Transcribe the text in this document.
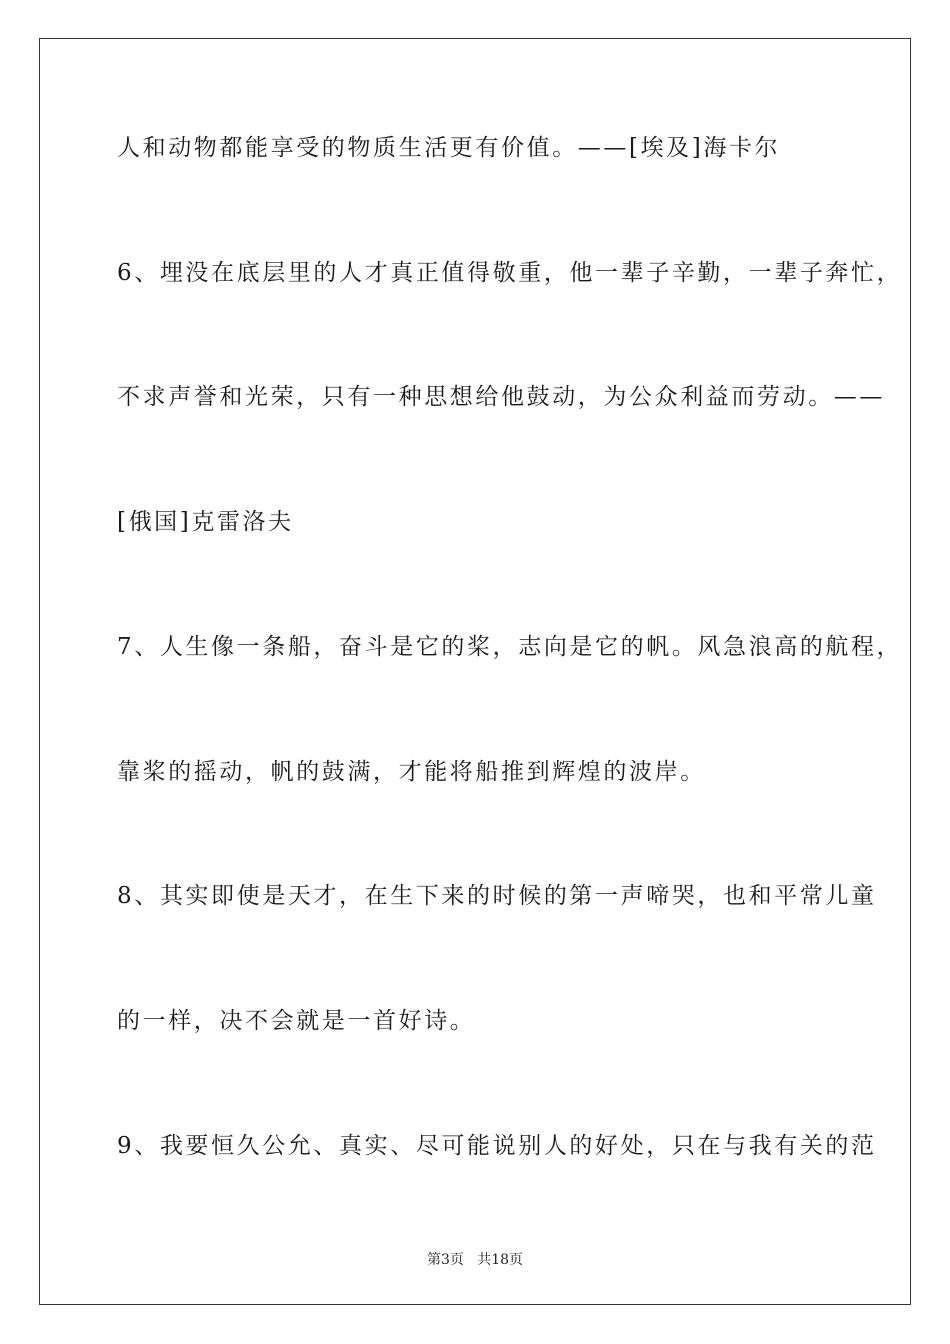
人和动物都能享受的物质生活更有价值。——[埃及]海卡尔
6、埋没在底层里的人才真正值得敬重，他一辈子辛勤，一辈子奔忙，
不求声誉和光荣，只有一种思想给他鼓动，为公众利益而劳动。——
[俄国]克雷洛夫
7、人生像一条船，奋斗是它的桨，志向是它的帆。风急浪高的航程，
靠桨的摇动，帆的鼓满，才能将船推到辉煌的波岸。
8、其实即使是天才，在生下来的时候的第一声啼哭，也和平常儿童
的一样，决不会就是一首好诗。
9、我要恒久公允、真实、尽可能说别人的好处，只在与我有关的范
第3页   共18页
